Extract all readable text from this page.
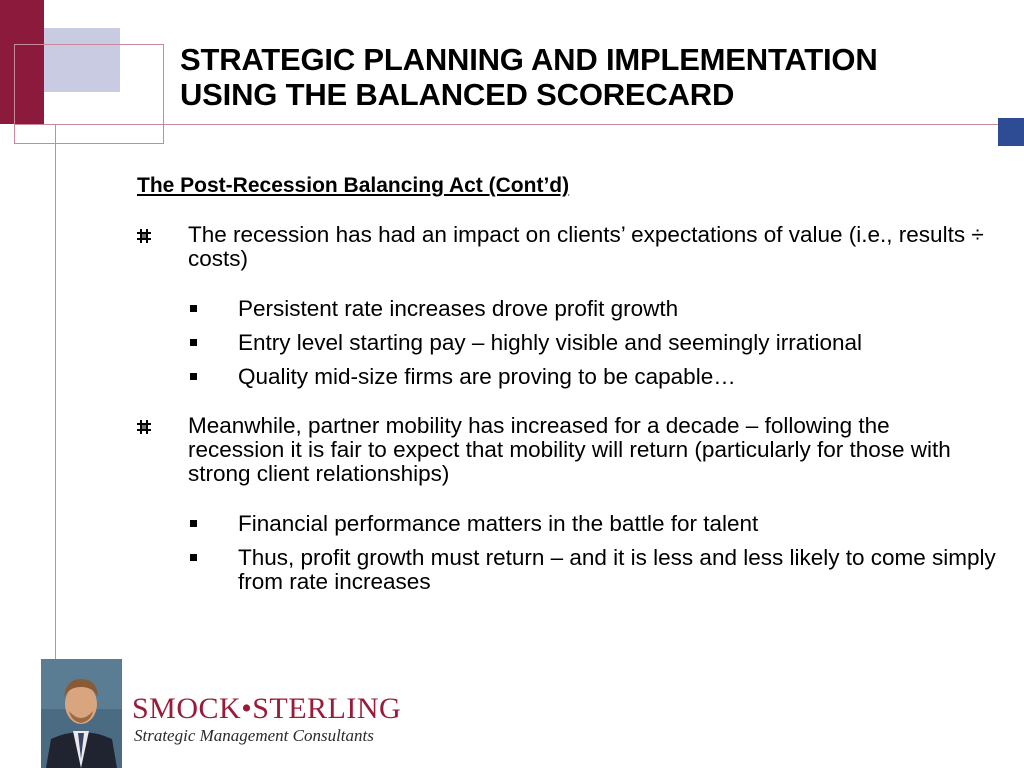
STRATEGIC PLANNING AND IMPLEMENTATION
USING THE BALANCED SCORECARD
The Post-Recession Balancing Act (Cont’d)
The recession has had an impact on clients’ expectations of value (i.e., results ÷ costs)
Persistent rate increases drove profit growth
Entry level starting pay – highly visible and seemingly irrational
Quality mid-size firms are proving to be capable…
Meanwhile, partner mobility has increased for a decade – following the recession it is fair to expect that mobility will return (particularly for those with strong client relationships)
Financial performance matters in the battle for talent
Thus, profit growth must return – and it is less and less likely to come simply from rate increases
SMOCK•STERLING
Strategic Management Consultants
